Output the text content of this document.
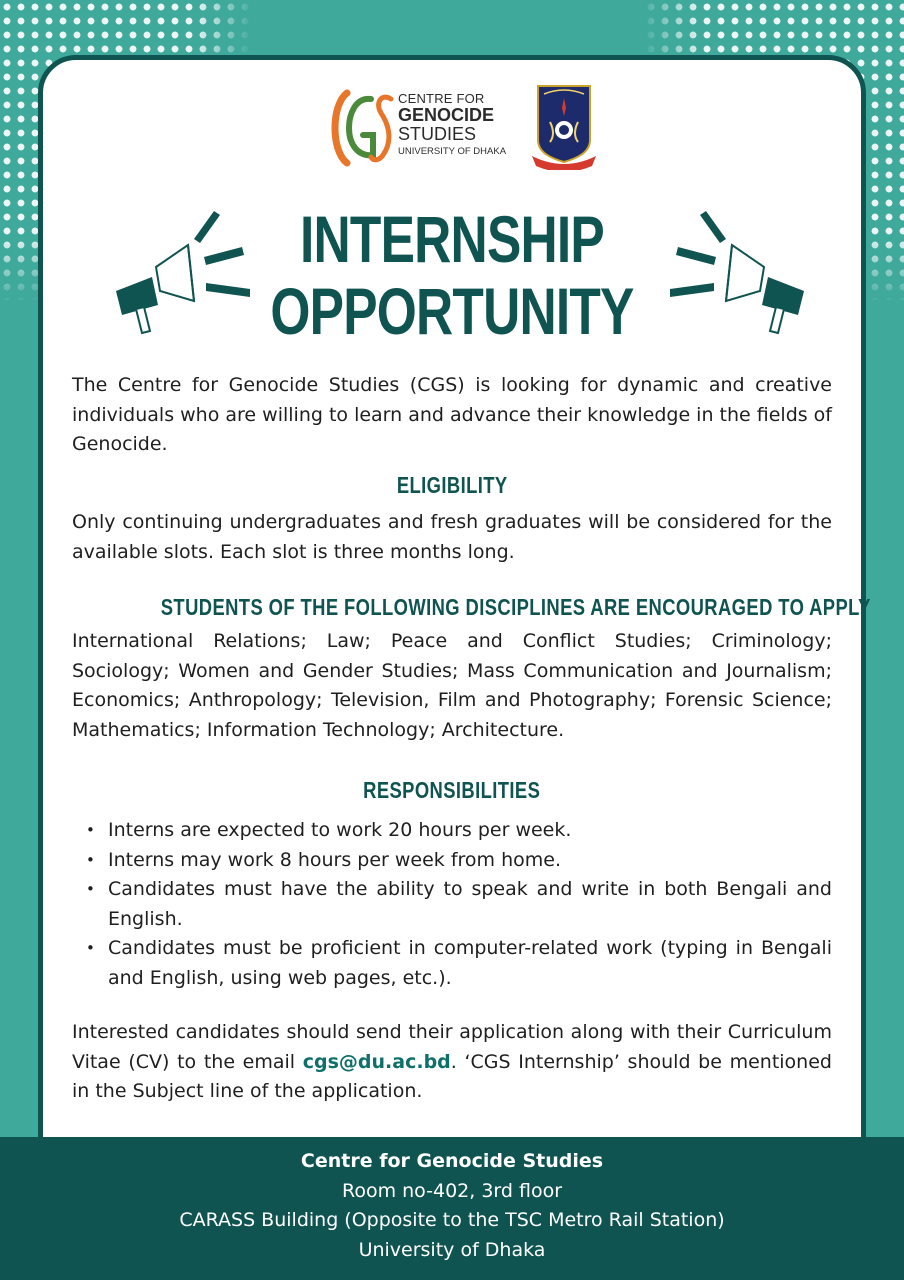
CENTRE FOR
GENOCIDE
STUDIES
UNIVERSITY OF DHAKA
INTERNSHIP
OPPORTUNITY
The Centre for Genocide Studies (CGS) is looking for dynamic and creative individuals who are willing to learn and advance their knowledge in the fields of Genocide.
ELIGIBILITY
Only continuing undergraduates and fresh graduates will be considered for the available slots. Each slot is three months long.
STUDENTS OF THE FOLLOWING DISCIPLINES ARE ENCOURAGED TO APPLY
International Relations; Law; Peace and Conflict Studies; Criminology; Sociology; Women and Gender Studies; Mass Communication and Journalism; Economics; Anthropology; Television, Film and Photography; Forensic Science; Mathematics; Information Technology; Architecture.
RESPONSIBILITIES
• Interns are expected to work 20 hours per week.
• Interns may work 8 hours per week from home.
• Candidates must have the ability to speak and write in both Bengali and English.
• Candidates must be proficient in computer-related work (typing in Bengali and English, using web pages, etc.).
Interested candidates should send their application along with their Curriculum Vitae (CV) to the email cgs@du.ac.bd. ‘CGS Internship’ should be mentioned in the Subject line of the application.
Centre for Genocide Studies
Room no-402, 3rd floor
CARASS Building (Opposite to the TSC Metro Rail Station)
University of Dhaka
